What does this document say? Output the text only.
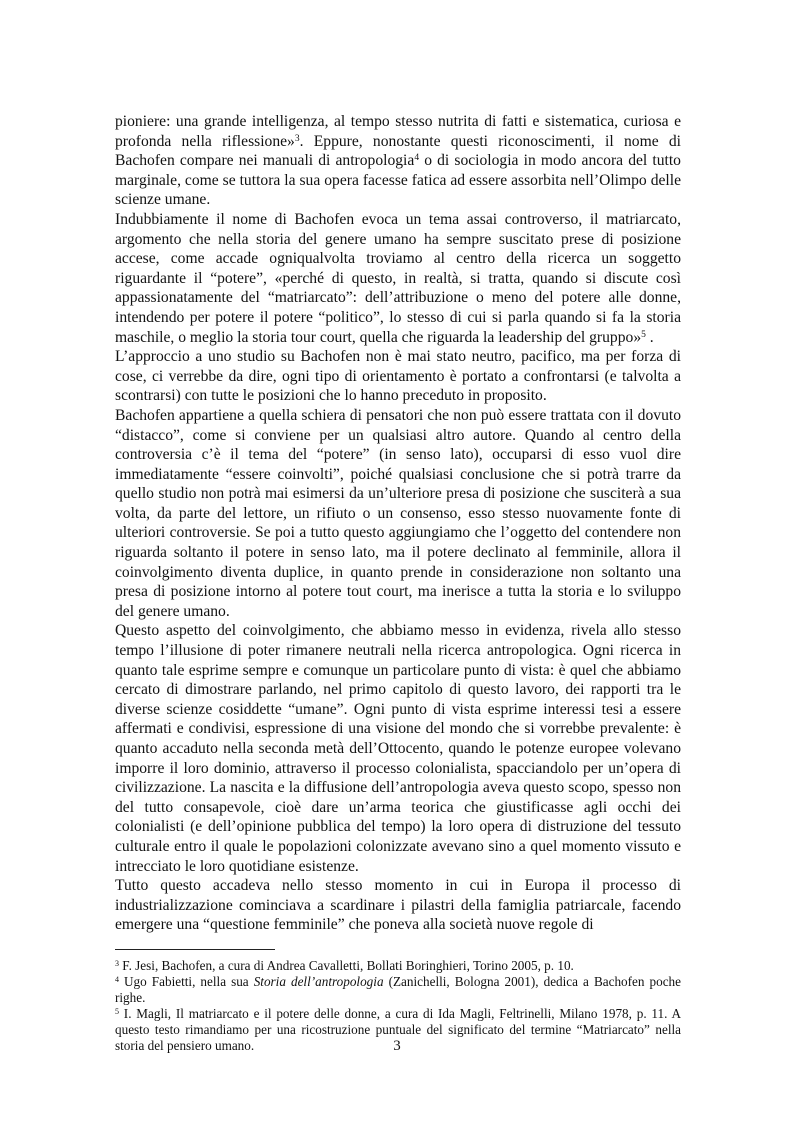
pioniere: una grande intelligenza, al tempo stesso nutrita di fatti e sistematica, curiosa e profonda nella riflessione»$^3$. Eppure, nonostante questi riconoscimenti, il nome di Bachofen compare nei manuali di antropologia$^4$ o di sociologia in modo ancora del tutto marginale, come se tuttora la sua opera facesse fatica ad essere assorbita nell’Olimpo delle scienze umane.

Indubbiamente il nome di Bachofen evoca un tema assai controverso, il matriarcato, argomento che nella storia del genere umano ha sempre suscitato prese di posizione accese, come accade ogniqualvolta troviamo al centro della ricerca un soggetto riguardante il “potere”, «perché di questo, in realtà, si tratta, quando si discute così appassionatamente del “matriarcato”: dell’attribuzione o meno del potere alle donne, intendendo per potere il potere “politico”, lo stesso di cui si parla quando si fa la storia maschile, o meglio la storia tour court, quella che riguarda la leadership del gruppo»$^5$ .

L’approccio a uno studio su Bachofen non è mai stato neutro, pacifico, ma per forza di cose, ci verrebbe da dire, ogni tipo di orientamento è portato a confrontarsi (e talvolta a scontrarsi) con tutte le posizioni che lo hanno preceduto in proposito.

Bachofen appartiene a quella schiera di pensatori che non può essere trattata con il dovuto “distacco”, come si conviene per un qualsiasi altro autore. Quando al centro della controversia c’è il tema del “potere” (in senso lato), occuparsi di esso vuol dire immediatamente “essere coinvolti”, poiché qualsiasi conclusione che si potrà trarre da quello studio non potrà mai esimersi da un’ulteriore presa di posizione che susciterà a sua volta, da parte del lettore, un rifiuto o un consenso, esso stesso nuovamente fonte di ulteriori controversie. Se poi a tutto questo aggiungiamo che l’oggetto del contendere non riguarda soltanto il potere in senso lato, ma il potere declinato al femminile, allora il coinvolgimento diventa duplice, in quanto prende in considerazione non soltanto una presa di posizione intorno al potere tout court, ma inerisce a tutta la storia e lo sviluppo del genere umano.

Questo aspetto del coinvolgimento, che abbiamo messo in evidenza, rivela allo stesso tempo l’illusione di poter rimanere neutrali nella ricerca antropologica. Ogni ricerca in quanto tale esprime sempre e comunque un particolare punto di vista: è quel che abbiamo cercato di dimostrare parlando, nel primo capitolo di questo lavoro, dei rapporti tra le diverse scienze cosiddette “umane”. Ogni punto di vista esprime interessi tesi a essere affermati e condivisi, espressione di una visione del mondo che si vorrebbe prevalente: è quanto accaduto nella seconda metà dell’Ottocento, quando le potenze europee volevano imporre il loro dominio, attraverso il processo colonialista, spacciandolo per un’opera di civilizzazione. La nascita e la diffusione dell’antropologia aveva questo scopo, spesso non del tutto consapevole, cioè dare un’arma teorica che giustificasse agli occhi dei colonialisti (e dell’opinione pubblica del tempo) la loro opera di distruzione del tessuto culturale entro il quale le popolazioni colonizzate avevano sino a quel momento vissuto e intrecciato le loro quotidiane esistenze.

Tutto questo accadeva nello stesso momento in cui in Europa il processo di industrializzazione cominciava a scardinare i pilastri della famiglia patriarcale, facendo emergere una “questione femminile” che poneva alla società nuove regole di

$^3$ F. Jesi, Bachofen, a cura di Andrea Cavalletti, Bollati Boringhieri, Torino 2005, p. 10.

$^4$ Ugo Fabietti, nella sua Storia dell’antropologia (Zanichelli, Bologna 2001), dedica a Bachofen poche righe.

$^5$ I. Magli, Il matriarcato e il potere delle donne, a cura di Ida Magli, Feltrinelli, Milano 1978, p. 11. A questo testo rimandiamo per una ricostruzione puntuale del significato del termine “Matriarcato” nella storia del pensiero umano.	3
